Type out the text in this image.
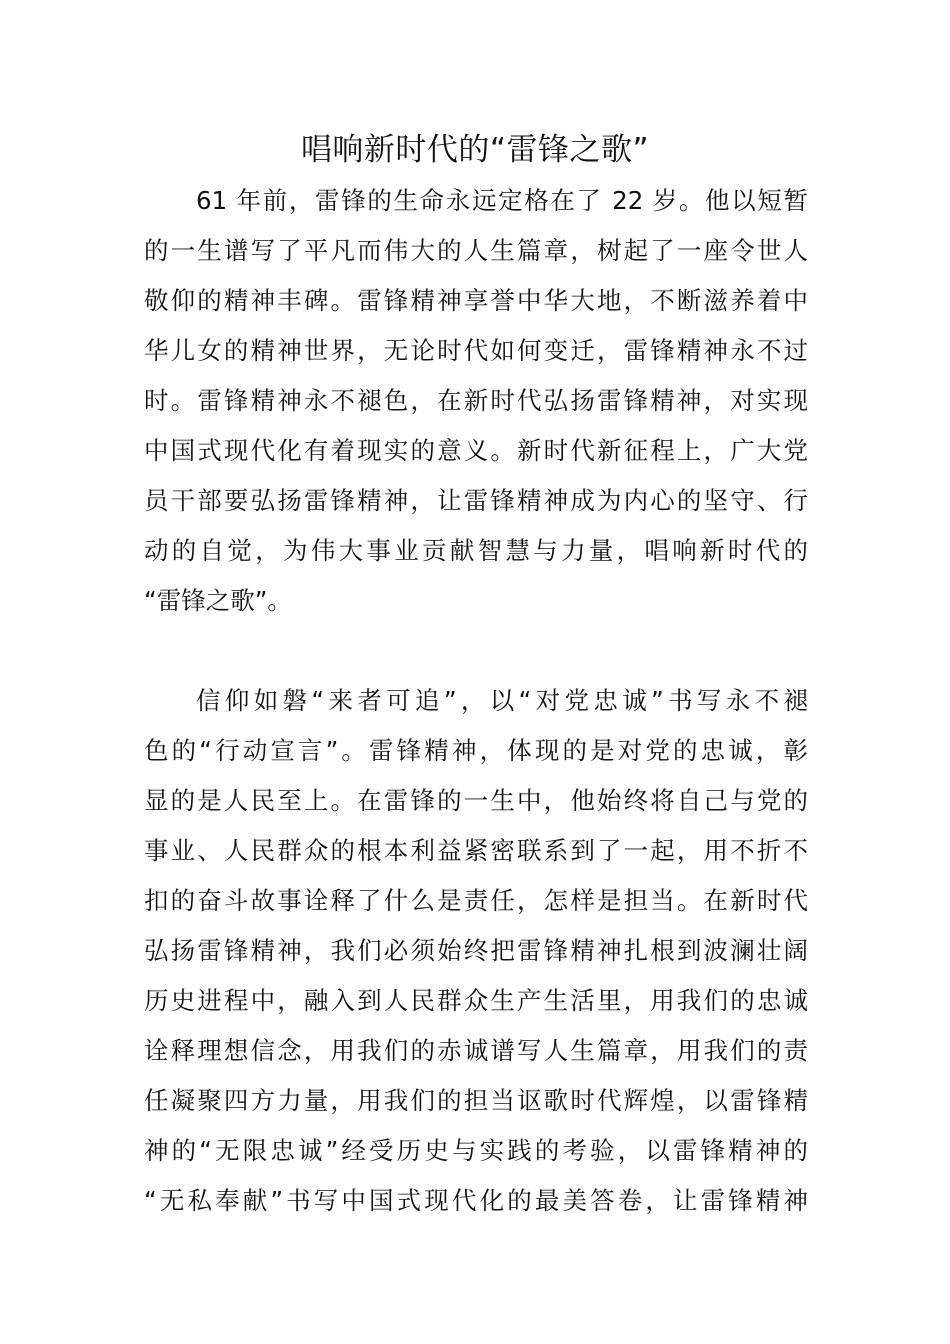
唱响新时代的“雷锋之歌”
61 年前，雷锋的生命永远定格在了 22 岁。他以短暂
的一生谱写了平凡而伟大的人生篇章，树起了一座令世人
敬仰的精神丰碑。雷锋精神享誉中华大地，不断滋养着中
华儿女的精神世界，无论时代如何变迁，雷锋精神永不过
时。雷锋精神永不褪色，在新时代弘扬雷锋精神，对实现
中国式现代化有着现实的意义。新时代新征程上，广大党
员干部要弘扬雷锋精神，让雷锋精神成为内心的坚守、行
动的自觉，为伟大事业贡献智慧与力量，唱响新时代的
“雷锋之歌”。
信仰如磐“来者可追”，以“对党忠诚”书写永不褪
色的“行动宣言”。雷锋精神，体现的是对党的忠诚，彰
显的是人民至上。在雷锋的一生中，他始终将自己与党的
事业、人民群众的根本利益紧密联系到了一起，用不折不
扣的奋斗故事诠释了什么是责任，怎样是担当。在新时代
弘扬雷锋精神，我们必须始终把雷锋精神扎根到波澜壮阔
历史进程中，融入到人民群众生产生活里，用我们的忠诚
诠释理想信念，用我们的赤诚谱写人生篇章，用我们的责
任凝聚四方力量，用我们的担当讴歌时代辉煌，以雷锋精
神的“无限忠诚”经受历史与实践的考验，以雷锋精神的
“无私奉献”书写中国式现代化的最美答卷，让雷锋精神
